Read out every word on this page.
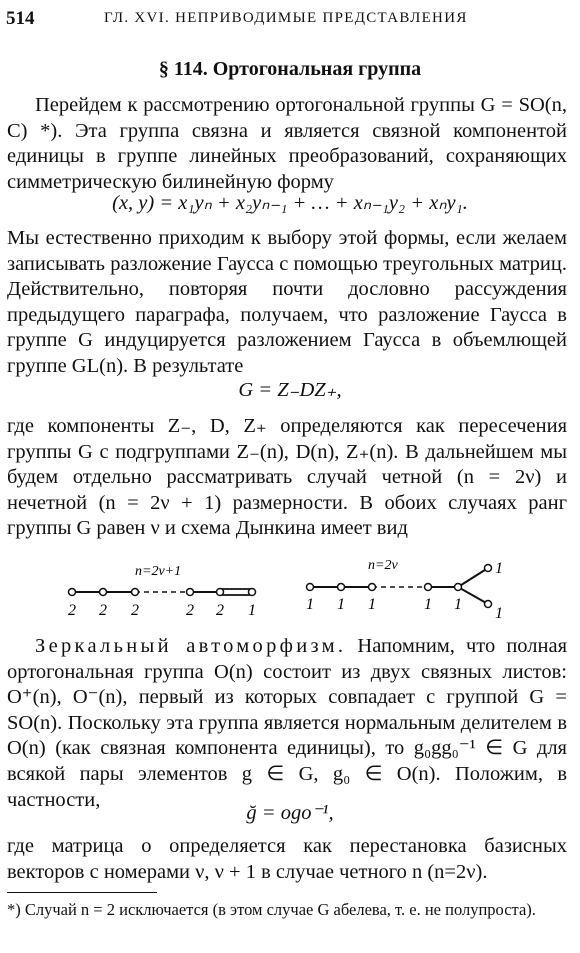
514	ГЛ. XVI. НЕПРИВОДИМЫЕ ПРЕДСТАВЛЕНИЯ
§ 114. Ортогональная группа

Перейдем к рассмотрению ортогональной группы G = SO(n, C) *). Эта группа связна и является связной компонентой единицы в группе линейных преобразований, сохраняющих симметрическую билинейную форму

(x, y) = x₁yₙ + x₂yₙ₋₁ + … + xₙ₋₁y₂ + xₙy₁.

Мы естественно приходим к выбору этой формы, если желаем записывать разложение Гаусса с помощью треугольных матриц. Действительно, повторяя почти дословно рассуждения предыдущего параграфа, получаем, что разложение Гаусса в группе G индуцируется разложением Гаусса в объемлющей группе GL(n). В результате

G = Z₋DZ₊,

где компоненты Z₋, D, Z₊ определяются как пересечения группы G с подгруппами Z₋(n), D(n), Z₊(n). В дальнейшем мы будем отдельно рассматривать случай четной (n = 2ν) и нечетной (n = 2ν + 1) размерности. В обоих случаях ранг группы G равен ν и схема Дынкина имеет вид

n=2ν+1
2 2 2	2 2 1
n=2ν
1 1 1	1 1
1
1

Зеркальный автоморфизм. Напомним, что полная ортогональная группа O(n) состоит из двух связных листов: O⁺(n), O⁻(n), первый из которых совпадает с группой G = SO(n). Поскольку эта группа является нормальным делителем в O(n) (как связная компонента единицы), то g₀gg₀⁻¹ ∈ G для всякой пары элементов g ∈ G, g₀ ∈ O(n). Положим, в частности,

ğ = ogo⁻¹,

где матрица o определяется как перестановка базисных векторов с номерами ν, ν + 1 в случае четного n (n=2ν).

*) Случай n = 2 исключается (в этом случае G абелева, т. е. не полупроста).
